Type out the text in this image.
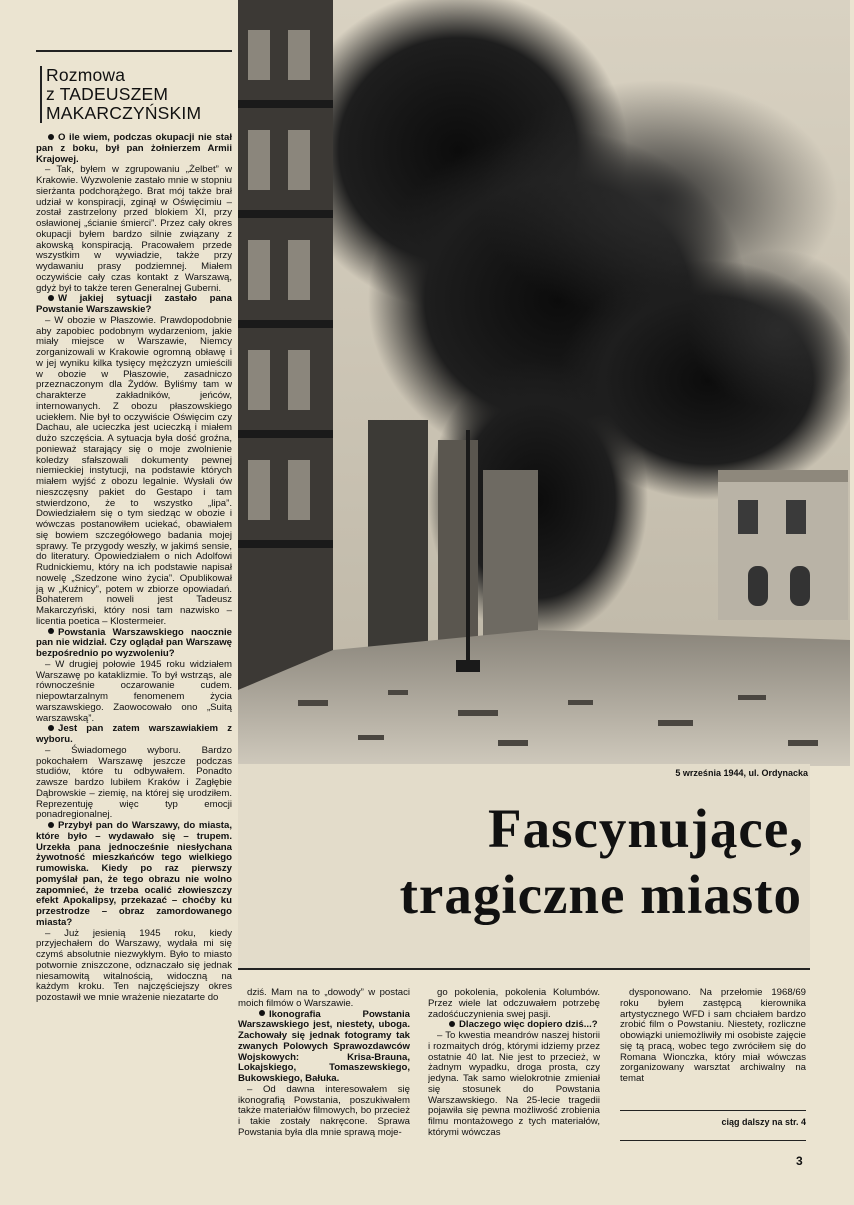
Rozmowa
z TADEUSZEM
MAKARCZYŃSKIM

O ile wiem, podczas okupacji nie stał pan z boku, był pan żołnierzem Armii Krajowej.

– Tak, byłem w zgrupowaniu „Żelbet” w Krakowie. Wyzwolenie zastało mnie w stopniu sierżanta podchorążego. Brat mój także brał udział w konspiracji, zginął w Oświęcimiu – został zastrzelony przed blokiem XI, przy osławionej „ścianie śmierci”. Przez cały okres okupacji byłem bardzo silnie związany z akowską konspiracją. Pracowałem przede wszystkim w wywiadzie, także przy wydawaniu prasy podziemnej. Miałem oczywiście cały czas kontakt z Warszawą, gdyż był to także teren Generalnej Guberni.

W jakiej sytuacji zastało pana Powstanie Warszawskie?

– W obozie w Płaszowie. Prawdopodobnie aby zapobiec podobnym wydarzeniom, jakie miały miejsce w Warszawie, Niemcy zorganizowali w Krakowie ogromną obławę i w jej wyniku kilka tysięcy mężczyzn umieścili w obozie w Płaszowie, zasadniczo przeznaczonym dla Żydów. Byliśmy tam w charakterze zakładników, jeńców, internowanych. Z obozu płaszowskiego uciekłem. Nie był to oczywiście Oświęcim czy Dachau, ale ucieczka jest ucieczką i miałem dużo szczęścia. A sytuacja była dość groźna, ponieważ starający się o moje zwolnienie koledzy sfałszowali dokumenty pewnej niemieckiej instytucji, na podstawie których miałem wyjść z obozu legalnie. Wysłali ów nieszczęsny pakiet do Gestapo i tam stwierdzono, że to wszystko „lipa”. Dowiedziałem się o tym siedząc w obozie i wówczas postanowiłem uciekać, obawiałem się bowiem szczegółowego badania mojej sprawy. Te przygody weszły, w jakimś sensie, do literatury. Opowiedziałem o nich Adolfowi Rudnickiemu, który na ich podstawie napisał nowelę „Szedzone wino życia”. Opublikował ją w „Kuźnicy”, potem w zbiorze opowiadań. Bohaterem noweli jest Tadeusz Makarczyński, który nosi tam nazwisko – licentia poetica – Klostermeier.

Powstania Warszawskiego naocznie pan nie widział. Czy oglądał pan Warszawę bezpośrednio po wyzwoleniu?

– W drugiej połowie 1945 roku widziałem Warszawę po kataklizmie. To był wstrząs, ale równocześnie oczarowanie cudem. niepowtarzalnym fenomenem życia warszawskiego. Zaowocowało ono „Suitą warszawską”.

Jest pan zatem warszawiakiem z wyboru.

– Świadomego wyboru. Bardzo pokochałem Warszawę jeszcze podczas studiów, które tu odbywałem. Ponadto zawsze bardzo lubiłem Kraków i Zagłębie Dąbrowskie – ziemię, na której się urodziłem. Reprezentuję więc typ emocji ponadregionalnej.

Przybył pan do Warszawy, do miasta, które było – wydawało się – trupem. Urzekła pana jednocześnie niesłychana żywotność mieszkańców tego wielkiego rumowiska. Kiedy po raz pierwszy pomyślał pan, że tego obrazu nie wolno zapomnieć, że trzeba ocalić złowieszczy efekt Apokalipsy, przekazać – choćby ku przestrodze – obraz zamordowanego miasta?

– Już jesienią 1945 roku, kiedy przyjechałem do Warszawy, wydała mi się czymś absolutnie niezwykłym. Było to miasto potwornie zniszczone, odznaczało się jednak niesamowitą witalnością, widoczną na każdym kroku. Ten najczęściejszy okres pozostawił we mnie wrażenie niezatarte do

5 września 1944, ul. Ordynacka
Fascynujące,
tragiczne miasto

dziś. Mam na to „dowody” w postaci moich filmów o Warszawie.

Ikonografia Powstania Warszawskiego jest, niestety, uboga. Zachowały się jednak fotogramy tak zwanych Polowych Sprawozdawców Wojskowych: Krisa-Brauna, Lokajskiego, Tomaszewskiego, Bukowskiego, Bałuka.

– Od dawna interesowałem się ikonografią Powstania, poszukiwałem także materiałów filmowych, bo przecież i takie zostały nakręcone. Sprawa Powstania była dla mnie sprawą moje-

go pokolenia, pokolenia Kolumbów. Przez wiele lat odczuwałem potrzebę zadośćuczynienia swej pasji.

Dlaczego więc dopiero dziś...?

– To kwestia meandrów naszej historii i rozmaitych dróg, którymi idziemy przez ostatnie 40 lat. Nie jest to przecież, w żadnym wypadku, droga prosta, czy jedyna. Tak samo wielokrotnie zmieniał się stosunek do Powstania Warszawskiego. Na 25-lecie tragedii pojawiła się pewna możliwość zrobienia filmu montażowego z tych materiałów, którymi wówczas

dysponowano. Na przełomie 1968/69 roku byłem zastępcą kierownika artystycznego WFD i sam chciałem bardzo zrobić film o Powstaniu. Niestety, rozliczne obowiązki uniemożliwiły mi osobiste zajęcie się tą pracą, wobec tego zwróciłem się do Romana Wionczka, który miał wówczas zorganizowany warsztat archiwalny na temat

ciąg dalszy na str. 4
3
